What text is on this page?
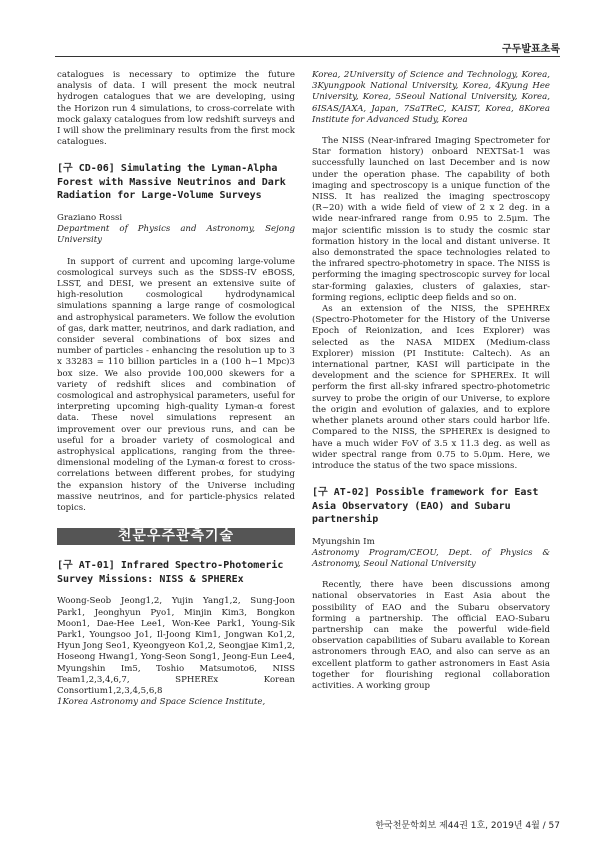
구두발표초록

catalogues is necessary to optimize the future analysis of data. I will present the mock neutral hydrogen catalogues that we are developing, using the Horizon run 4 simulations, to cross-correlate with mock galaxy catalogues from low redshift surveys and I will show the preliminary results from the first mock catalogues.

[구 CD-06] Simulating the Lyman-Alpha Forest with Massive Neutrinos and Dark Radiation for Large-Volume Surveys

Graziano Rossi

Department of Physics and Astronomy, Sejong University

In support of current and upcoming large-volume cosmological surveys such as the SDSS-IV eBOSS, LSST, and DESI, we present an extensive suite of high-resolution cosmological hydrodynamical simulations spanning a large range of cosmological and astrophysical parameters. We follow the evolution of gas, dark matter, neutrinos, and dark radiation, and consider several combinations of box sizes and number of particles - enhancing the resolution up to 3 x 33283 = 110 billion particles in a (100 h−1 Mpc)3 box size. We also provide 100,000 skewers for a variety of redshift slices and combination of cosmological and astrophysical parameters, useful for interpreting upcoming high-quality Lyman-α forest data. These novel simulations represent an improvement over our previous runs, and can be useful for a broader variety of cosmological and astrophysical applications, ranging from the three-dimensional modeling of the Lyman-α forest to cross-correlations between different probes, for studying the expansion history of the Universe including massive neutrinos, and for particle-physics related topics.

천문우주관측기술
[구 AT-01] Infrared Spectro-Photomeric Survey Missions: NISS & SPHEREx

Woong-Seob Jeong1,2, Yujin Yang1,2, Sung-Joon Park1, Jeonghyun Pyo1, Minjin Kim3, Bongkon Moon1, Dae-Hee Lee1, Won-Kee Park1, Young-Sik Park1, Youngsoo Jo1, Il-Joong Kim1, Jongwan Ko1,2, Hyun Jong Seo1, Kyeongyeon Ko1,2, Seongjae Kim1,2, Hoseong Hwang1, Yong-Seon Song1, Jeong-Eun Lee4, Myungshin Im5, Toshio Matsumoto6, NISS Team1,2,3,4,6,7, SPHEREx Korean Consortium1,2,3,4,5,6,8

1Korea Astronomy and Space Science Institute,

Korea, 2University of Science and Technology, Korea, 3Kyungpook National University, Korea, 4Kyung Hee University, Korea, 5Seoul National University, Korea, 6ISAS/JAXA, Japan, 7SaTReC, KAIST, Korea, 8Korea Institute for Advanced Study, Korea

The NISS (Near-infrared Imaging Spectrometer for Star formation history) onboard NEXTSat-1 was successfully launched on last December and is now under the operation phase. The capability of both imaging and spectroscopy is a unique function of the NISS. It has realized the imaging spectroscopy (R~20) with a wide field of view of 2 x 2 deg. in a wide near-infrared range from 0.95 to 2.5μm. The major scientific mission is to study the cosmic star formation history in the local and distant universe. It also demonstrated the space technologies related to the infrared spectro-photometry in space. The NISS is performing the imaging spectroscopic survey for local star-forming galaxies, clusters of galaxies, star-forming regions, ecliptic deep fields and so on.

As an extension of the NISS, the SPEHREx (Spectro-Photometer for the History of the Universe Epoch of Reionization, and Ices Explorer) was selected as the NASA MIDEX (Medium-class Explorer) mission (PI Institute: Caltech). As an international partner, KASI will participate in the development and the science for SPHEREx. It will perform the first all-sky infrared spectro-photometric survey to probe the origin of our Universe, to explore the origin and evolution of galaxies, and to explore whether planets around other stars could harbor life. Compared to the NISS, the SPHEREx is designed to have a much wider FoV of 3.5 x 11.3 deg. as well as wider spectral range from 0.75 to 5.0μm. Here, we introduce the status of the two space missions.

[구 AT-02] Possible framework for East Asia Observatory (EAO) and Subaru partnership

Myungshin Im

Astronomy Program/CEOU, Dept. of Physics & Astronomy, Seoul National University

Recently, there have been discussions among national observatories in East Asia about the possibility of EAO and the Subaru observatory forming a partnership. The official EAO-Subaru partnership can make the powerful wide-field observation capabilities of Subaru available to Korean astronomers through EAO, and also can serve as an excellent platform to gather astronomers in East Asia together for flourishing regional collaboration activities. A working group

한국천문학회보 제44권 1호, 2019년 4월 / 57
